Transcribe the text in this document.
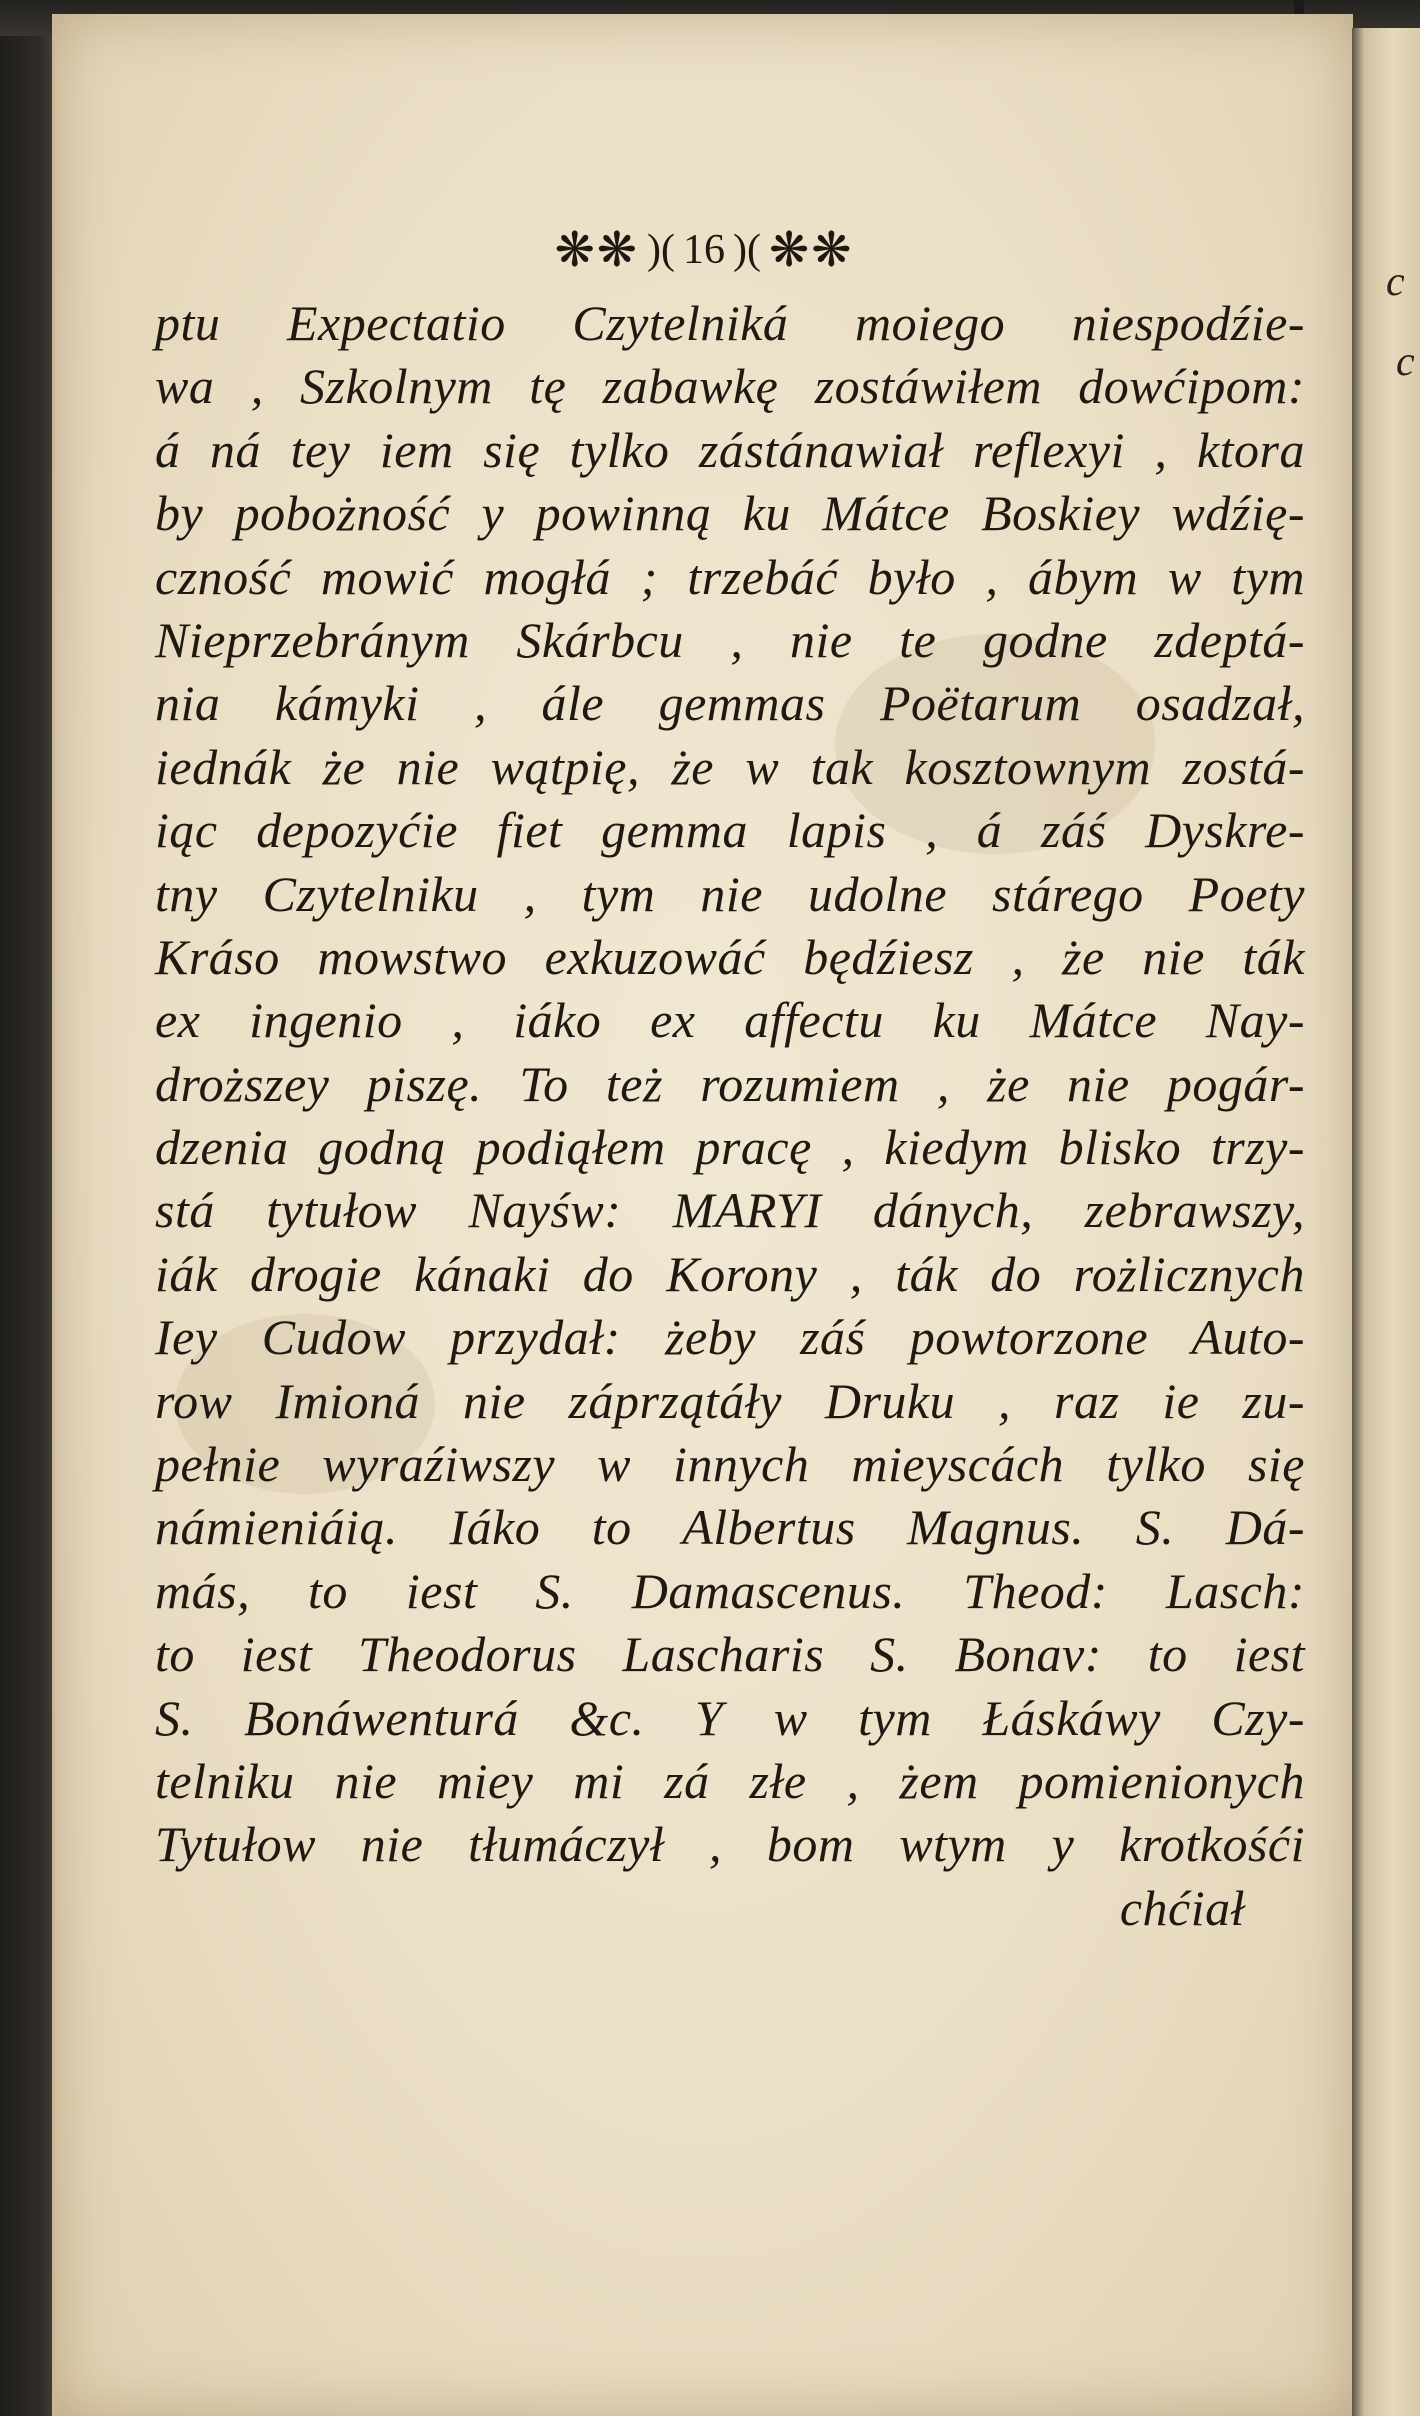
❋❋ )( 16 )( ❋❋
ptu Expectatio Czytelniká moiego niespodźie-
wa , Szkolnym tę zabawkę zostáwiłem dowćipom:
á ná tey iem się tylko zástánawiał reflexyi , ktora
by pobożność y powinną ku Mátce Boskiey wdźię-
czność mowić mogłá ; trzebáć było , ábym w tym
Nieprzebránym Skárbcu , nie te godne zdeptá-
nia kámyki , ále gemmas Poëtarum osadzał,
iednák że nie wątpię, że w tak kosztownym zostá-
iąc depozyćie fiet gemma lapis , á záś Dyskre-
tny Czytelniku , tym nie udolne stárego Poety
Kráso mowstwo exkuzowáć będźiesz , że nie ták
ex ingenio , iáko ex affectu ku Mátce Nay-
droższey piszę. To też rozumiem , że nie pogár-
dzenia godną podiąłem pracę , kiedym blisko trzy-
stá tytułow Nayśw: MARYI dánych, zebrawszy,
iák drogie kánaki do Korony , ták do rożlicznych
Iey Cudow przydał: żeby záś powtorzone Auto-
row Imioná nie záprzątáły Druku , raz ie zu-
pełnie wyraźiwszy w innych mieyscách tylko się
námieniáią. Iáko to Albertus Magnus. S. Dá-
más, to iest S. Damascenus. Theod: Lasch:
to iest Theodorus Lascharis S. Bonav: to iest
S. Bonáwenturá &c. Y w tym Łáskáwy Czy-
telniku nie miey mi zá złe , żem pomienionych
Tytułow nie tłumáczył , bom wtym y krotkośći
chćiał
c
c
